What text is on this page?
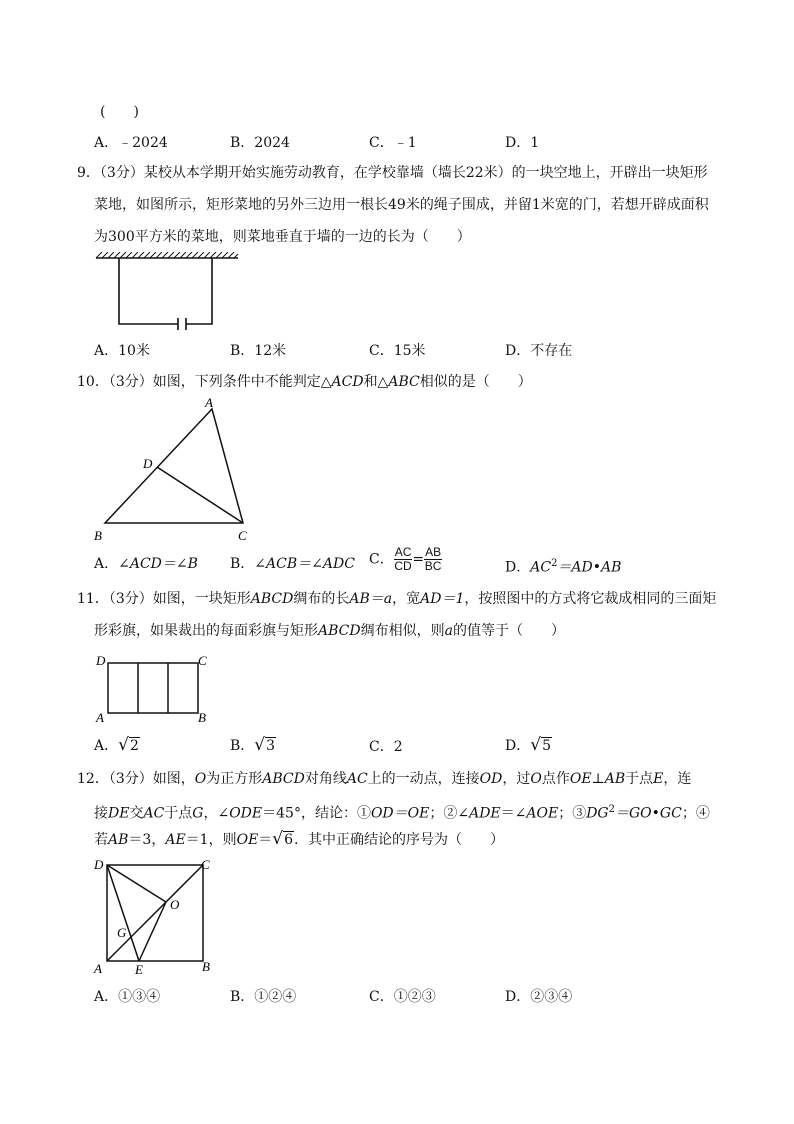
(　　)
A．﹣2024	B．2024	C．﹣1	D．1
9．（3分）某校从本学期开始实施劳动教育，在学校靠墙（墙长22米）的一块空地上，开辟出一块矩形
菜地，如图所示，矩形菜地的另外三边用一根长49米的绳子围成，并留1米宽的门，若想开辟成面积
为300平方米的菜地，则菜地垂直于墙的一边的长为（　　）
A．10米	B．12米	C．15米	D．不存在
10．（3分）如图，下列条件中不能判定△ACD和△ABC相似的是（　　）
A
D
B	C
A．∠ACD＝∠B B．∠ACB＝∠ADC C． $\frac{AC}{CD} = \frac{AB}{BC}$	D．$AC^2=AD•AB$
11．（3分）如图，一块矩形ABCD绸布的长AB＝a，宽AD＝1，按照图中的方式将它裁成相同的三面矩
形彩旗，如果裁出的每面彩旗与矩形ABCD绸布相似，则a的值等于（　　）
D	C
A	B
A．√2	B．√3	C．2	D．√5
12．（3分）如图，O为正方形ABCD对角线AC上的一动点，连接OD，过O点作OE⊥AB于点E，连
接DE交AC于点G，∠ODE＝45°，结论：①OD＝OE；②∠ADE＝∠AOE；$③DG^2=GO•GC$；④
若AB＝3，AE＝1，则OE＝√6．其中正确结论的序号为（　　）
D	C
O
G
A	E	B
A．①③④	B．①②④	C．①②③	D．②③④
